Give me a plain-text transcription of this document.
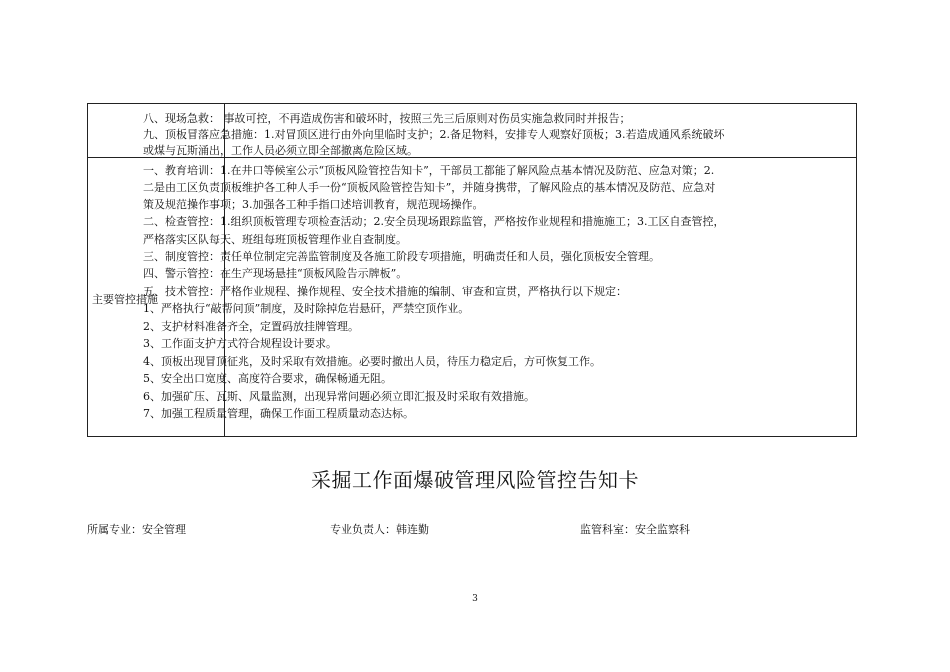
主要管控措施
八、现场急救： 事故可控，不再造成伤害和破坏时，按照三先三后原则对伤员实施急救同时并报告；
九、顶板冒落应急措施：1.对冒顶区进行由外向里临时支护；2.备足物料，安排专人观察好顶板；3.若造成通风系统破坏
或煤与瓦斯涌出，工作人员必须立即全部撤离危险区域。
一、教育培训：1.在井口等候室公示“顶板风险管控告知卡”，干部员工都能了解风险点基本情况及防范、应急对策；2.
二是由工区负责顶板维护各工种人手一份“顶板风险管控告知卡”，并随身携带，了解风险点的基本情况及防范、应急对
策及规范操作事项；3.加强各工种手指口述培训教育，规范现场操作。
二、检查管控：1.组织顶板管理专项检查活动；2.安全员现场跟踪监管，严格按作业规程和措施施工；3.工区自查管控，
严格落实区队每天、班组每班顶板管理作业自查制度。
三、制度管控：责任单位制定完善监管制度及各施工阶段专项措施，明确责任和人员，强化顶板安全管理。
四、警示管控：在生产现场悬挂“顶板风险告示牌板”。
五、技术管控：严格作业规程、操作规程、安全技术措施的编制、审查和宣贯，严格执行以下规定：
1、严格执行“敲帮问顶”制度，及时除掉危岩悬矸，严禁空顶作业。
2、支护材料准备齐全，定置码放挂牌管理。
3、工作面支护方式符合规程设计要求。
4、顶板出现冒顶征兆，及时采取有效措施。必要时撤出人员，待压力稳定后，方可恢复工作。
5、安全出口宽度、高度符合要求，确保畅通无阻。
6、加强矿压、瓦斯、风量监测，出现异常问题必须立即汇报及时采取有效措施。
7、加强工程质量管理，确保工作面工程质量动态达标。
采掘工作面爆破管理风险管控告知卡
所属专业：安全管理	专业负责人：韩连勤	监管科室：安全监察科
3
